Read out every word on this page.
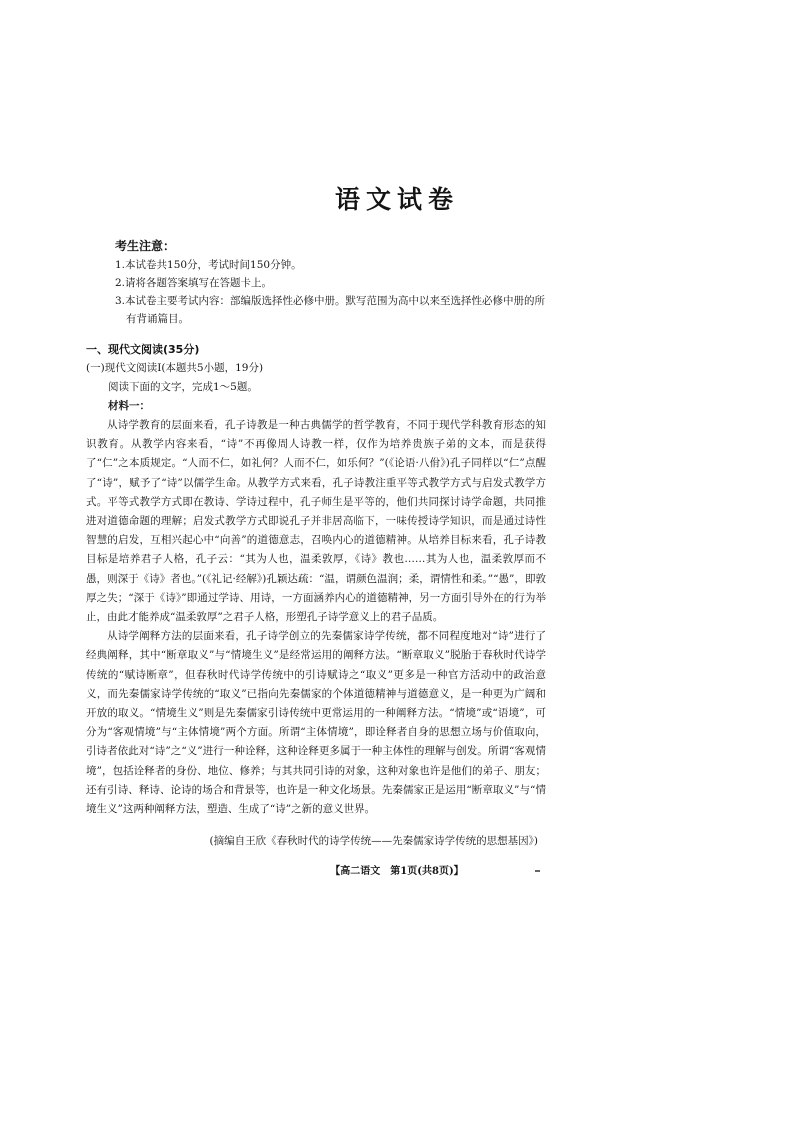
语文试卷
考生注意：
1.本试卷共150分，考试时间150分钟。
2.请将各题答案填写在答题卡上。
3.本试卷主要考试内容：部编版选择性必修中册。默写范围为高中以来至选择性必修中册的所有背诵篇目。
一、现代文阅读(35分)
(一)现代文阅读Ⅰ(本题共5小题，19分)
阅读下面的文字，完成1～5题。
材料一：

从诗学教育的层面来看，孔子诗教是一种古典儒学的哲学教育，不同于现代学科教育形态的知识教育。从教学内容来看，“诗”不再像周人诗教一样，仅作为培养贵族子弟的文本，而是获得了“仁”之本质规定。“人而不仁，如礼何？人而不仁，如乐何？”(《论语·八佾》)孔子同样以“仁”点醒了“诗”，赋予了“诗”以儒学生命。从教学方式来看，孔子诗教注重平等式教学方式与启发式教学方式。平等式教学方式即在教诗、学诗过程中，孔子师生是平等的，他们共同探讨诗学命题，共同推进对道德命题的理解；启发式教学方式即说孔子并非居高临下，一味传授诗学知识，而是通过诗性智慧的启发，互相兴起心中“向善”的道德意志，召唤内心的道德精神。从培养目标来看，孔子诗教目标是培养君子人格，孔子云：“其为人也，温柔敦厚，《诗》教也……其为人也，温柔敦厚而不愚，则深于《诗》者也。”(《礼记·经解》)孔颖达疏：“温，谓颜色温润；柔，谓情性和柔。”“愚”，即敦厚之失；“深于《诗》”即通过学诗、用诗，一方面涵养内心的道德精神，另一方面引导外在的行为举止，由此才能养成“温柔敦厚”之君子人格，形塑孔子诗学意义上的君子品质。

从诗学阐释方法的层面来看，孔子诗学创立的先秦儒家诗学传统，都不同程度地对“诗”进行了经典阐释，其中“断章取义”与“情境生义”是经常运用的阐释方法。“断章取义”脱胎于春秋时代诗学传统的“赋诗断章”，但春秋时代诗学传统中的引诗赋诗之“取义”更多是一种官方活动中的政治意义，而先秦儒家诗学传统的“取义”已指向先秦儒家的个体道德精神与道德意义，是一种更为广阔和开放的取义。“情境生义”则是先秦儒家引诗传统中更常运用的一种阐释方法。“情境”或“语境”，可分为“客观情境”与“主体情境”两个方面。所谓“主体情境”，即诠释者自身的思想立场与价值取向，引诗者依此对“诗”之“义”进行一种诠释，这种诠释更多属于一种主体性的理解与创发。所谓“客观情境”，包括诠释者的身份、地位、修养；与其共同引诗的对象，这种对象也许是他们的弟子、朋友；还有引诗、释诗、论诗的场合和背景等，也许是一种文化场景。先秦儒家正是运用“断章取义”与“情境生义”这两种阐释方法，塑造、生成了“诗”之新的意义世界。

(摘编自王欣《春秋时代的诗学传统——先秦儒家诗学传统的思想基因》)
【高二语文　第1页(共8页)】
